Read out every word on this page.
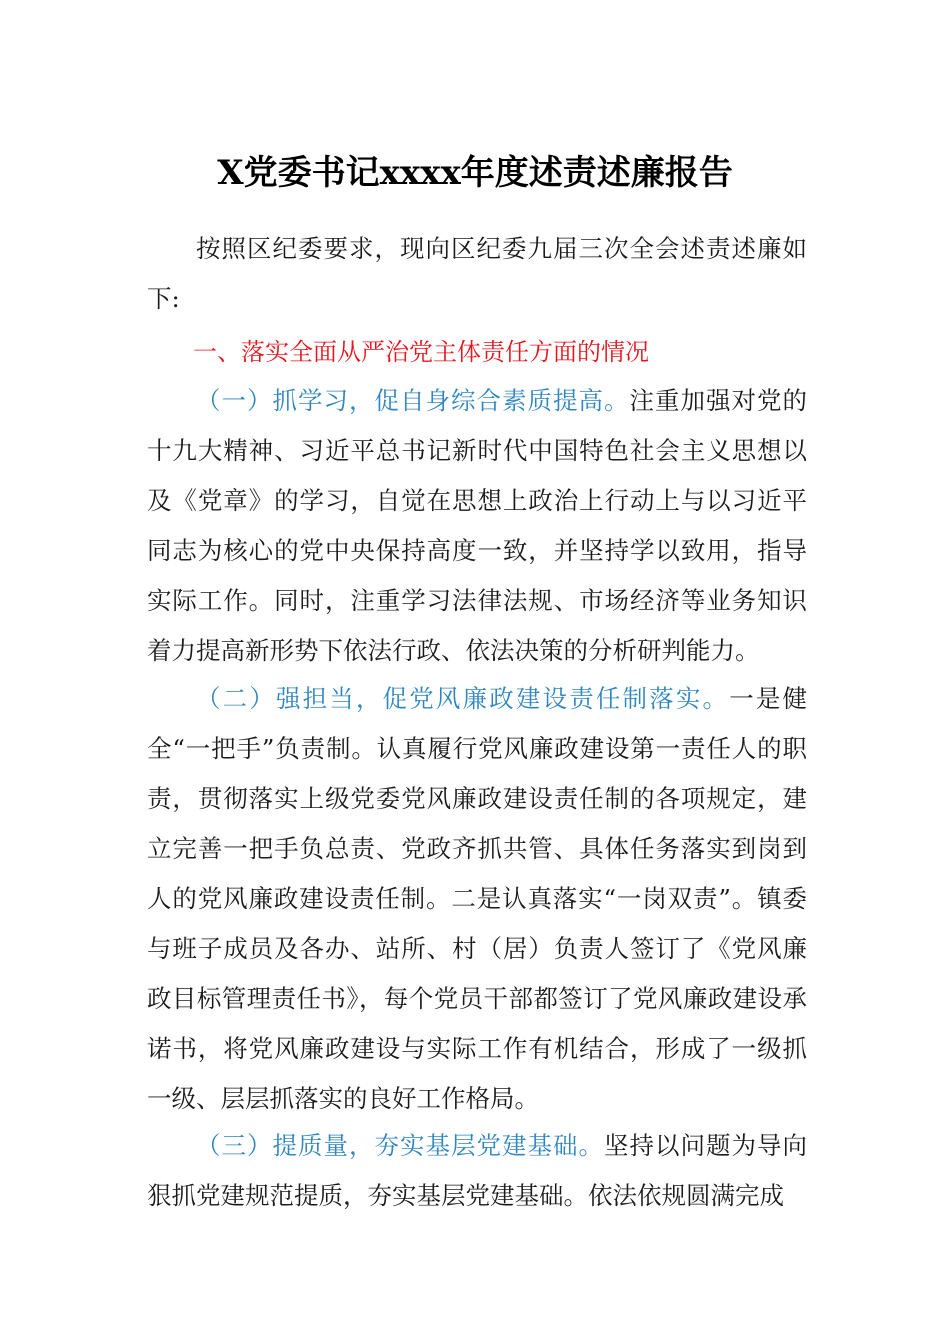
X党委书记xxxx年度述责述廉报告

按照区纪委要求，现向区纪委九届三次全会述责述廉如下:

一、落实全面从严治党主体责任方面的情况

（一）抓学习，促自身综合素质提高。注重加强对党的十九大精神、习近平总书记新时代中国特色社会主义思想以及《党章》的学习，自觉在思想上政治上行动上与以习近平同志为核心的党中央保持高度一致，并坚持学以致用，指导实际工作。同时，注重学习法律法规、市场经济等业务知识着力提高新形势下依法行政、依法决策的分析研判能力。

（二）强担当，促党风廉政建设责任制落实。一是健全“一把手”负责制。认真履行党风廉政建设第一责任人的职责，贯彻落实上级党委党风廉政建设责任制的各项规定，建立完善一把手负总责、党政齐抓共管、具体任务落实到岗到人的党风廉政建设责任制。二是认真落实“一岗双责”。镇委与班子成员及各办、站所、村（居）负责人签订了《党风廉政目标管理责任书》，每个党员干部都签订了党风廉政建设承诺书，将党风廉政建设与实际工作有机结合，形成了一级抓一级、层层抓落实的良好工作格局。

（三）提质量，夯实基层党建基础。坚持以问题为导向狠抓党建规范提质，夯实基层党建基础。依法依规圆满完成
